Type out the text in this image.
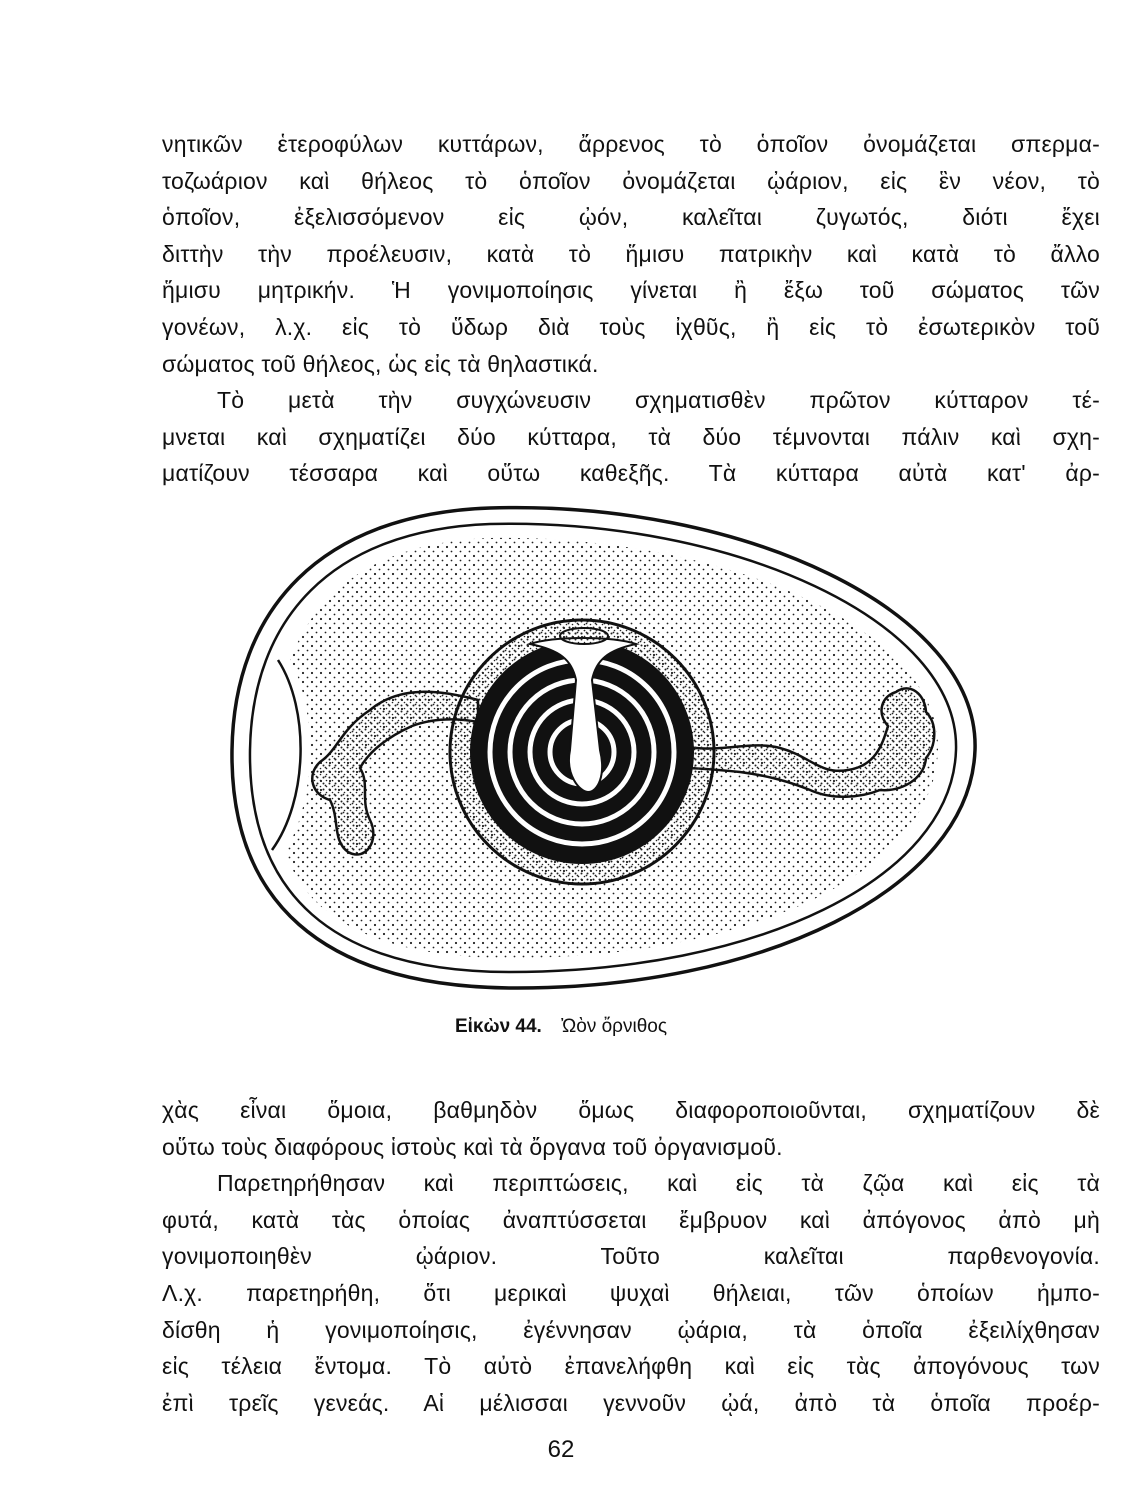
νητικῶν ἑτεροφύλων κυττάρων, ἄρρενος τὸ ὁποῖον ὀνομάζεται σπερμα-

τοζωάριον καὶ θήλεος τὸ ὁποῖον ὀνομάζεται ᾠάριον, εἰς ἓν νέον, τὸ

ὁποῖον, ἐξελισσόμενον εἰς ᾠόν, καλεῖται ζυγωτός, διότι ἔχει

διττὴν τὴν προέλευσιν, κατὰ τὸ ἥμισυ πατρικὴν καὶ κατὰ τὸ ἄλλο

ἥμισυ μητρικήν. Ἡ γονιμοποίησις γίνεται ἢ ἔξω τοῦ σώματος τῶν

γονέων, λ.χ. εἰς τὸ ὕδωρ διὰ τοὺς ἰχθῦς, ἢ εἰς τὸ ἐσωτερικὸν τοῦ

σώματος τοῦ θήλεος, ὡς εἰς τὰ θηλαστικά.

Τὸ μετὰ τὴν συγχώνευσιν σχηματισθὲν πρῶτον κύτταρον τέ-

μνεται καὶ σχηματίζει δύο κύτταρα, τὰ δύο τέμνονται πάλιν καὶ σχη-

ματίζουν τέσσαρα καὶ οὕτω καθεξῆς. Τὰ κύτταρα αὐτὰ κατ' ἀρ-

Εἰκὼν 44. Ὠὸν ὄρνιθος

χὰς εἶναι ὅμοια, βαθμηδὸν ὅμως διαφοροποιοῦνται, σχηματίζουν δὲ

οὕτω τοὺς διαφόρους ἱστοὺς καὶ τὰ ὄργανα τοῦ ὀργανισμοῦ.

Παρετηρήθησαν καὶ περιπτώσεις, καὶ εἰς τὰ ζῷα καὶ εἰς τὰ

φυτά, κατὰ τὰς ὁποίας ἀναπτύσσεται ἔμβρυον καὶ ἀπόγονος ἀπὸ μὴ

γονιμοποιηθὲν ᾠάριον. Τοῦτο καλεῖται παρθενογονία.

Λ.χ. παρετηρήθη, ὅτι μερικαὶ ψυχαὶ θήλειαι, τῶν ὁποίων ἠμπο-

δίσθη ἡ γονιμοποίησις, ἐγέννησαν ᾠάρια, τὰ ὁποῖα ἐξειλίχθησαν

εἰς τέλεια ἔντομα. Τὸ αὐτὸ ἐπανελήφθη καὶ εἰς τὰς ἀπογόνους των

ἐπὶ τρεῖς γενεάς. Αἱ μέλισσαι γεννοῦν ᾠά, ἀπὸ τὰ ὁποῖα προέρ-

62
